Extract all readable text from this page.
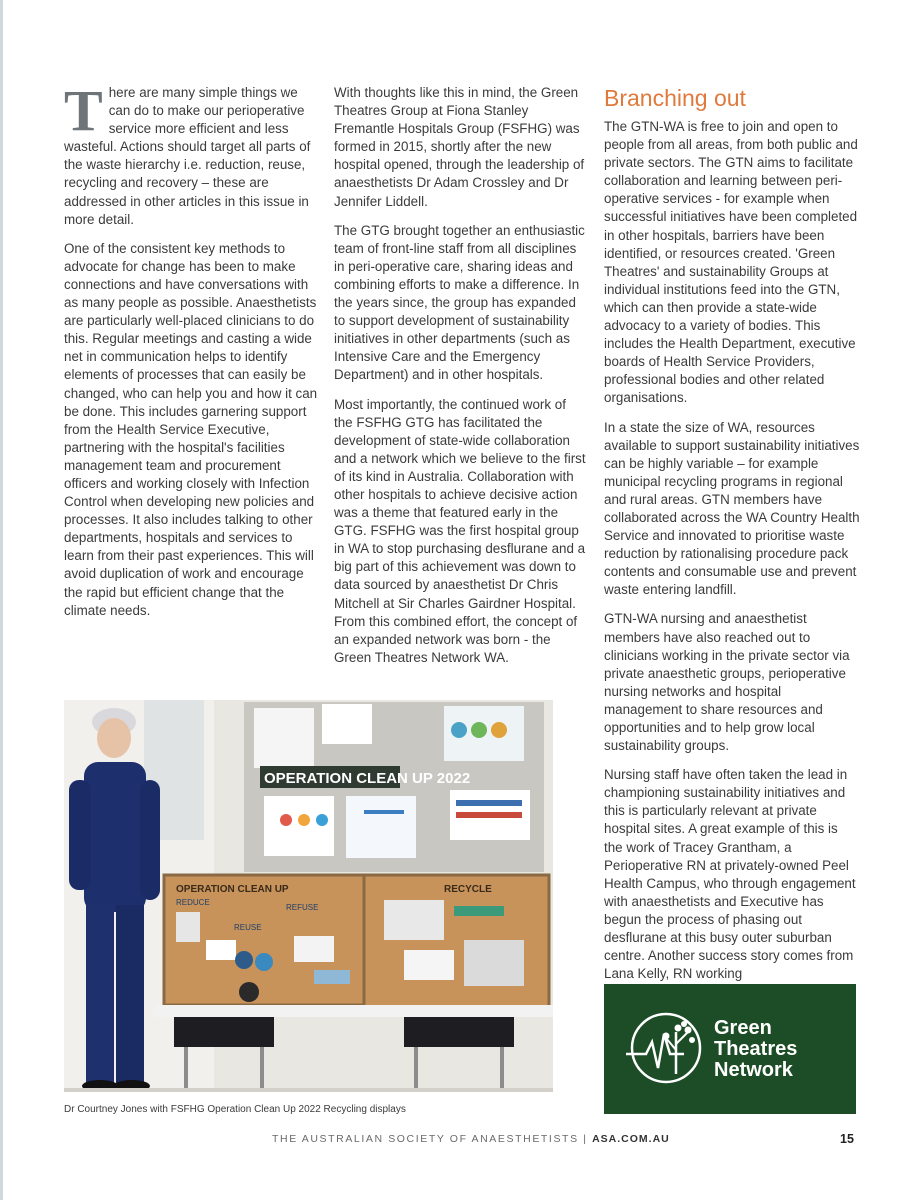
T here are many simple things we
can do to make our perioperative
service more efficient and less
wasteful. Actions should target all parts of the waste hierarchy i.e. reduction, reuse, recycling and recovery – these are addressed in other articles in this issue in more detail.

One of the consistent key methods to advocate for change has been to make connections and have conversations with as many people as possible. Anaesthetists are particularly well-placed clinicians to do this. Regular meetings and casting a wide net in communication helps to identify elements of processes that can easily be changed, who can help you and how it can be done. This includes garnering support from the Health Service Executive, partnering with the hospital's facilities management team and procurement officers and working closely with Infection Control when developing new policies and processes. It also includes talking to other departments, hospitals and services to learn from their past experiences. This will avoid duplication of work and encourage the rapid but efficient change that the climate needs.

With thoughts like this in mind, the Green Theatres Group at Fiona Stanley Fremantle Hospitals Group (FSFHG) was formed in 2015, shortly after the new hospital opened, through the leadership of anaesthetists Dr Adam Crossley and Dr Jennifer Liddell.

The GTG brought together an enthusiastic team of front-line staff from all disciplines in peri-operative care, sharing ideas and combining efforts to make a difference. In the years since, the group has expanded to support development of sustainability initiatives in other departments (such as Intensive Care and the Emergency Department) and in other hospitals.

Most importantly, the continued work of the FSFHG GTG has facilitated the development of state-wide collaboration and a network which we believe to the first of its kind in Australia. Collaboration with other hospitals to achieve decisive action was a theme that featured early in the GTG. FSFHG was the first hospital group in WA to stop purchasing desflurane and a big part of this achievement was down to data sourced by anaesthetist Dr Chris Mitchell at Sir Charles Gairdner Hospital. From this combined effort, the concept of an expanded network was born - the Green Theatres Network WA.

Branching out

The GTN-WA is free to join and open to people from all areas, from both public and private sectors. The GTN aims to facilitate collaboration and learning between peri-operative services - for example when successful initiatives have been completed in other hospitals, barriers have been identified, or resources created. 'Green Theatres' and sustainability Groups at individual institutions feed into the GTN, which can then provide a state-wide advocacy to a variety of bodies. This includes the Health Department, executive boards of Health Service Providers, professional bodies and other related organisations.

In a state the size of WA, resources available to support sustainability initiatives can be highly variable – for example municipal recycling programs in regional and rural areas. GTN members have collaborated across the WA Country Health Service and innovated to prioritise waste reduction by rationalising procedure pack contents and consumable use and prevent waste entering landfill.

GTN-WA nursing and anaesthetist members have also reached out to clinicians working in the private sector via private anaesthetic groups, perioperative nursing networks and hospital management to share resources and opportunities and to help grow local sustainability groups.

Nursing staff have often taken the lead in championing sustainability initiatives and this is particularly relevant at private hospital sites. A great example of this is the work of Tracey Grantham, a Perioperative RN at privately-owned Peel Health Campus, who through engagement with anaesthetists and Executive has begun the process of phasing out desflurane at this busy outer suburban centre. Another success story comes from Lana Kelly, RN working

OPERATION CLEAN UP 2022
OPERATION CLEAN UP	RECYCLE
REDUCE
REFUSE
REUSE
Dr Courtney Jones with FSFHG Operation Clean Up 2022 Recycling displays
Green
Theatres
Network
THE AUSTRALIAN SOCIETY OF ANAESTHETISTS | ASA.COM.AU	15
